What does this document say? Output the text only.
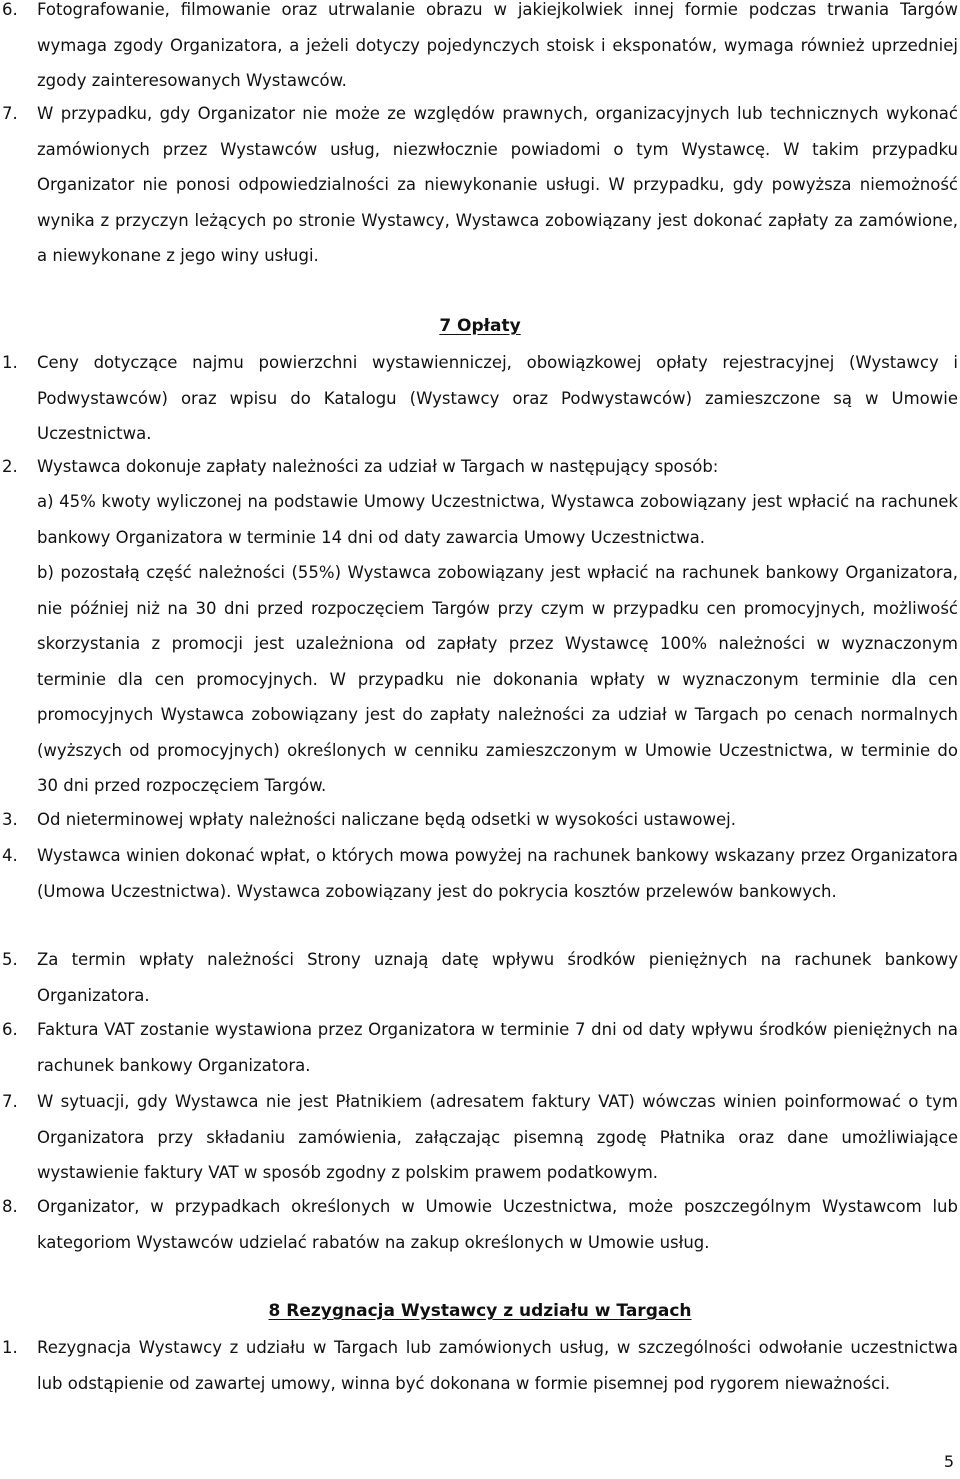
6. Fotografowanie, filmowanie oraz utrwalanie obrazu w jakiejkolwiek innej formie podczas trwania Targów wymaga zgody Organizatora, a jeżeli dotyczy pojedynczych stoisk i eksponatów, wymaga również uprzedniej zgody zainteresowanych Wystawców.
7. W przypadku, gdy Organizator nie może ze względów prawnych, organizacyjnych lub technicznych wykonać zamówionych przez Wystawców usług, niezwłocznie powiadomi o tym Wystawcę. W takim przypadku Organizator nie ponosi odpowiedzialności za niewykonanie usługi. W przypadku, gdy powyższa niemożność wynika z przyczyn leżących po stronie Wystawcy, Wystawca zobowiązany jest dokonać zapłaty za zamówione, a niewykonane z jego winy usługi.
7 Opłaty
1. Ceny dotyczące najmu powierzchni wystawienniczej, obowiązkowej opłaty rejestracyjnej (Wystawcy i Podwystawców) oraz wpisu do Katalogu (Wystawcy oraz Podwystawców) zamieszczone są w Umowie Uczestnictwa.
2. Wystawca dokonuje zapłaty należności za udział w Targach w następujący sposób:
a) 45% kwoty wyliczonej na podstawie Umowy Uczestnictwa, Wystawca zobowiązany jest wpłacić na rachunek bankowy Organizatora w terminie 14 dni od daty zawarcia Umowy Uczestnictwa.
b) pozostałą część należności (55%) Wystawca zobowiązany jest wpłacić na rachunek bankowy Organizatora, nie później niż na 30 dni przed rozpoczęciem Targów przy czym w przypadku cen promocyjnych, możliwość skorzystania z promocji jest uzależniona od zapłaty przez Wystawcę 100% należności w wyznaczonym terminie dla cen promocyjnych. W przypadku nie dokonania wpłaty w wyznaczonym terminie dla cen promocyjnych Wystawca zobowiązany jest do zapłaty należności za udział w Targach po cenach normalnych (wyższych od promocyjnych) określonych w cenniku zamieszczonym w Umowie Uczestnictwa, w terminie do 30 dni przed rozpoczęciem Targów.
3. Od nieterminowej wpłaty należności naliczane będą odsetki w wysokości ustawowej.
4. Wystawca winien dokonać wpłat, o których mowa powyżej na rachunek bankowy wskazany przez Organizatora (Umowa Uczestnictwa). Wystawca zobowiązany jest do pokrycia kosztów przelewów bankowych.
5. Za termin wpłaty należności Strony uznają datę wpływu środków pieniężnych na rachunek bankowy Organizatora.
6. Faktura VAT zostanie wystawiona przez Organizatora w terminie 7 dni od daty wpływu środków pieniężnych na rachunek bankowy Organizatora.
7. W sytuacji, gdy Wystawca nie jest Płatnikiem (adresatem faktury VAT) wówczas winien poinformować o tym Organizatora przy składaniu zamówienia, załączając pisemną zgodę Płatnika oraz dane umożliwiające wystawienie faktury VAT w sposób zgodny z polskim prawem podatkowym.
8. Organizator, w przypadkach określonych w Umowie Uczestnictwa, może poszczególnym Wystawcom lub kategoriom Wystawców udzielać rabatów na zakup określonych w Umowie usług.
8 Rezygnacja Wystawcy z udziału w Targach
1. Rezygnacja Wystawcy z udziału w Targach lub zamówionych usług, w szczególności odwołanie uczestnictwa lub odstąpienie od zawartej umowy, winna być dokonana w formie pisemnej pod rygorem nieważności.
5
